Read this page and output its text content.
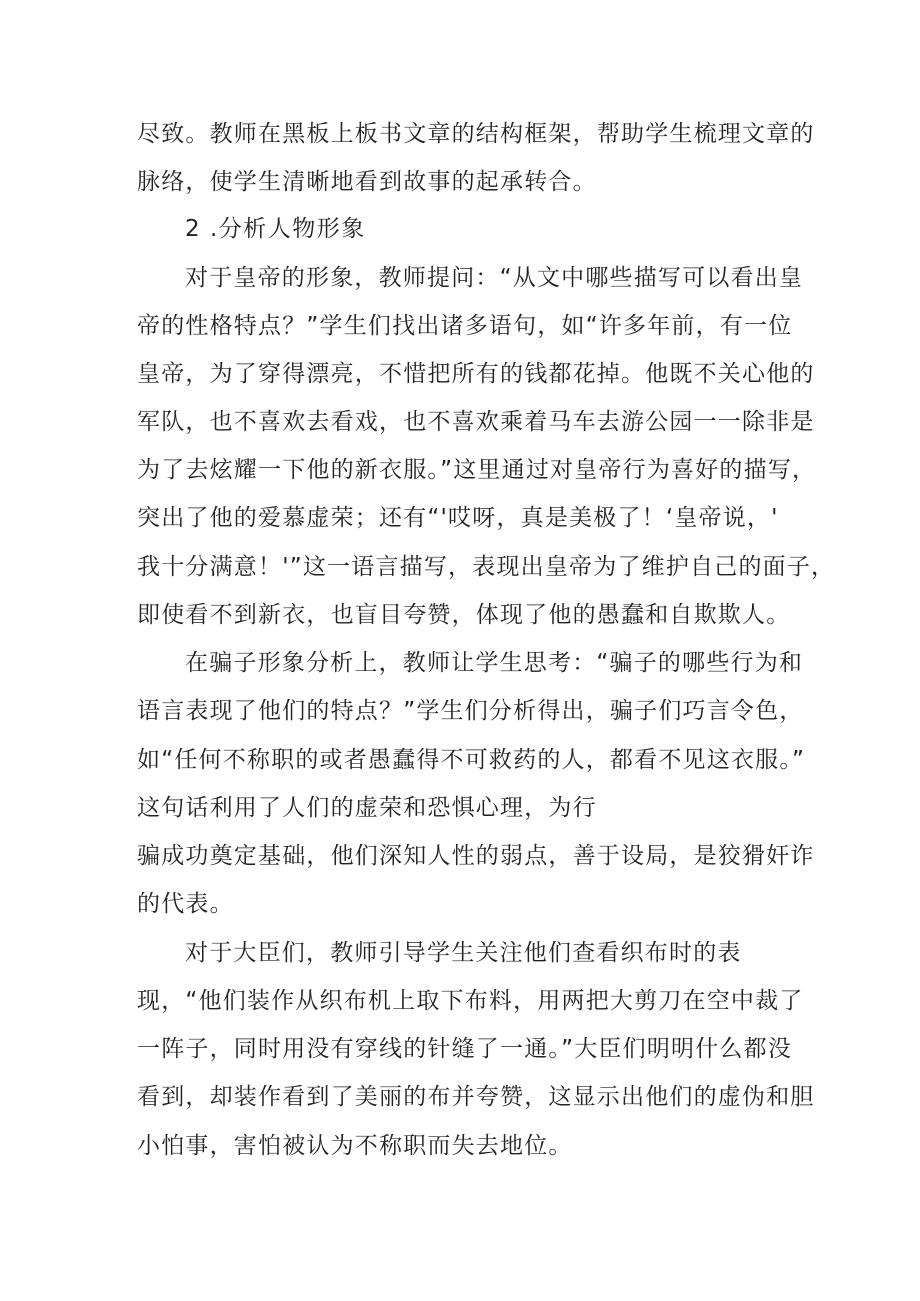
尽致。教师在黑板上板书文章的结构框架，帮助学生梳理文章的
脉络，使学生清晰地看到故事的起承转合。
2 .分析人物形象
对于皇帝的形象，教师提问：“从文中哪些描写可以看出皇
帝的性格特点？”学生们找出诸多语句，如“许多年前，有一位
皇帝，为了穿得漂亮，不惜把所有的钱都花掉。他既不关心他的
军队，也不喜欢去看戏，也不喜欢乘着马车去游公园一一除非是
为了去炫耀一下他的新衣服。”这里通过对皇帝行为喜好的描写，
突出了他的爱慕虚荣；还有“'哎呀，真是美极了！‘皇帝说，'
我十分满意！'”这一语言描写，表现出皇帝为了维护自己的面子，
即使看不到新衣，也盲目夸赞，体现了他的愚蠢和自欺欺人。
在骗子形象分析上，教师让学生思考：“骗子的哪些行为和
语言表现了他们的特点？”学生们分析得出，骗子们巧言令色，
如“任何不称职的或者愚蠢得不可救药的人，都看不见这衣服。”
这句话利用了人们的虚荣和恐惧心理，为行
骗成功奠定基础，他们深知人性的弱点，善于设局，是狡猾奸诈
的代表。
对于大臣们，教师引导学生关注他们查看织布时的表
现，“他们装作从织布机上取下布料，用两把大剪刀在空中裁了
一阵子，同时用没有穿线的针缝了一通。”大臣们明明什么都没
看到，却装作看到了美丽的布并夸赞，这显示出他们的虚伪和胆
小怕事，害怕被认为不称职而失去地位。
